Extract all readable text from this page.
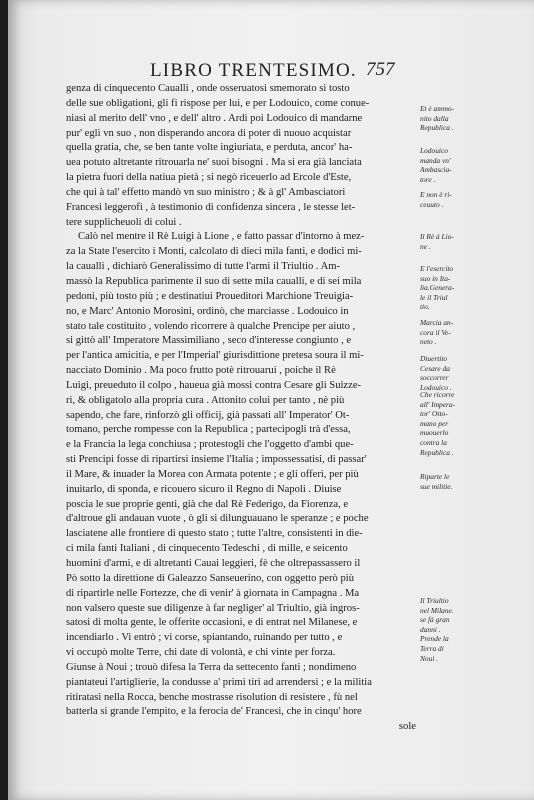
LIBRO TRENTESIMO. 757
genza di cinquecento Caualli , onde osseruatosi smemorato si tosto
delle sue obligationi, gli fi rispose per lui, e per Lodouico, come conue-
niasi al merito dell' vno , e dell' altro . Ardì poi Lodouico di mandarne
pur' egli vn suo , non disperando ancora di poter di nuouo acquistar
quella gratia, che, se ben tante volte ingiuriata, e perduta, ancor' ha-
uea potuto altretante ritrouarla ne' suoi bisogni . Ma si era già lanciata
la pietra fuori della natiua pietà ; si negò riceuerlo ad Ercole d'Este,
che qui à tal' effetto mandò vn suo ministro ; & à gl' Ambasciatori
Francesi leggerofi , à testimonio di confidenza sincera , le stesse let-
tere supplicheuoli di colui .
Calò nel mentre il Rè Luigi à Lione , e fatto passar d'intorno à mez-
za la State l'esercito i Monti, calcolato di dieci mila fanti, e dodici mi-
la caualli , dichiarò Generalissimo di tutte l'armi il Triultio . Am-
massò la Republica parimente il suo di sette mila caualli, e di sei mila
pedoni, più tosto più ; e destinatiui Proueditori Marchione Treuigia-
no, e Marc' Antonio Morosini, ordinò, che marciasse . Lodouico in
stato tale costituito , volendo ricorrere à qualche Prencipe per aiuto ,
si gittò all' Imperatore Massimiliano , seco d'interesse congiunto , e
per l'antica amicitia, e per l'Imperial' giurisdittione pretesa soura il mi-
nacciato Dominio . Ma poco frutto potè ritrouarui , poiche il Rè
Luigi, preueduto il colpo , haueua già mossi contra Cesare gli Suizze-
ri, & obligatolo alla propria cura . Attonito colui per tanto , nè più
sapendo, che fare, rinforzò gli officij, già passati all' Imperator' Ot-
tomano, perche rompesse con la Republica ; partecipogli trà d'essa,
e la Francia la lega conchiusa ; protestogli che l'oggetto d'ambi que-
sti Prencipi fosse di ripartirsi insieme l'Italia ; impossessatisi, di passar'
il Mare, & inuader la Morea con Armata potente ; e gli offerì, per più
inuitarlo, di sponda, e ricouero sicuro il Regno di Napoli . Diuise
poscia le sue proprie genti, già che dal Rè Federigo, da Fiorenza, e
d'altroue gli andauan vuote , ò gli si dilunguauano le speranze ; e poche
lasciatene alle frontiere di questo stato ; tutte l'altre, consistenti in die-
ci mila fanti Italiani , di cinquecento Tedeschi , di mille, e seicento
huomini d'armi, e di altretanti Cauai leggieri, fè che oltrepassassero il
Pò sotto la direttione di Galeazzo Sanseuerino, con oggetto però più
di ripartirle nelle Fortezze, che di venir' à giornata in Campagna . Ma
non valsero queste sue diligenze à far negliger' al Triultio, già ingros-
satosi di molta gente, le offerite occasioni, e di entrat nel Milanese, e
incendiarlo . Vi entrò ; vi corse, spiantando, ruinando per tutto , e
vi occupò molte Terre, chi date di volontà, e chi vinte per forza.
Giunse à Noui ; trouò difesa la Terra da settecento fanti ; nondimeno
piantateui l'artiglierie, la condusse a' primi tiri ad arrendersi ; e la militia
ritiratasi nella Rocca, benche mostrasse risolution di resistere , fù nel
batterla si grande l'empito, e la ferocia de' Francesi, che in cinqu' hore
sole
Et è ammo-
nito dalla
Republica .
Lodouico
manda vn'
Ambascia-
tore .
E non è ri-
ceuuto .
Il Rè à Lio-
ne .
E l'esercito
suo in Ita-
lia.Genera-
le il Triul
tio.
Marcia an-
cora il Ve-
neto .
Diuertito
Cesare da
soccorrer
Lodouico .
Che ricorre
all' Impera-
tor' Otto-
mano per
muouerlo
contra la
Republica .
Riparte le
sue militie.
Il Triultio
nel Milane.
se fà gran
danni .
Prende la
Terra di
Noui .
